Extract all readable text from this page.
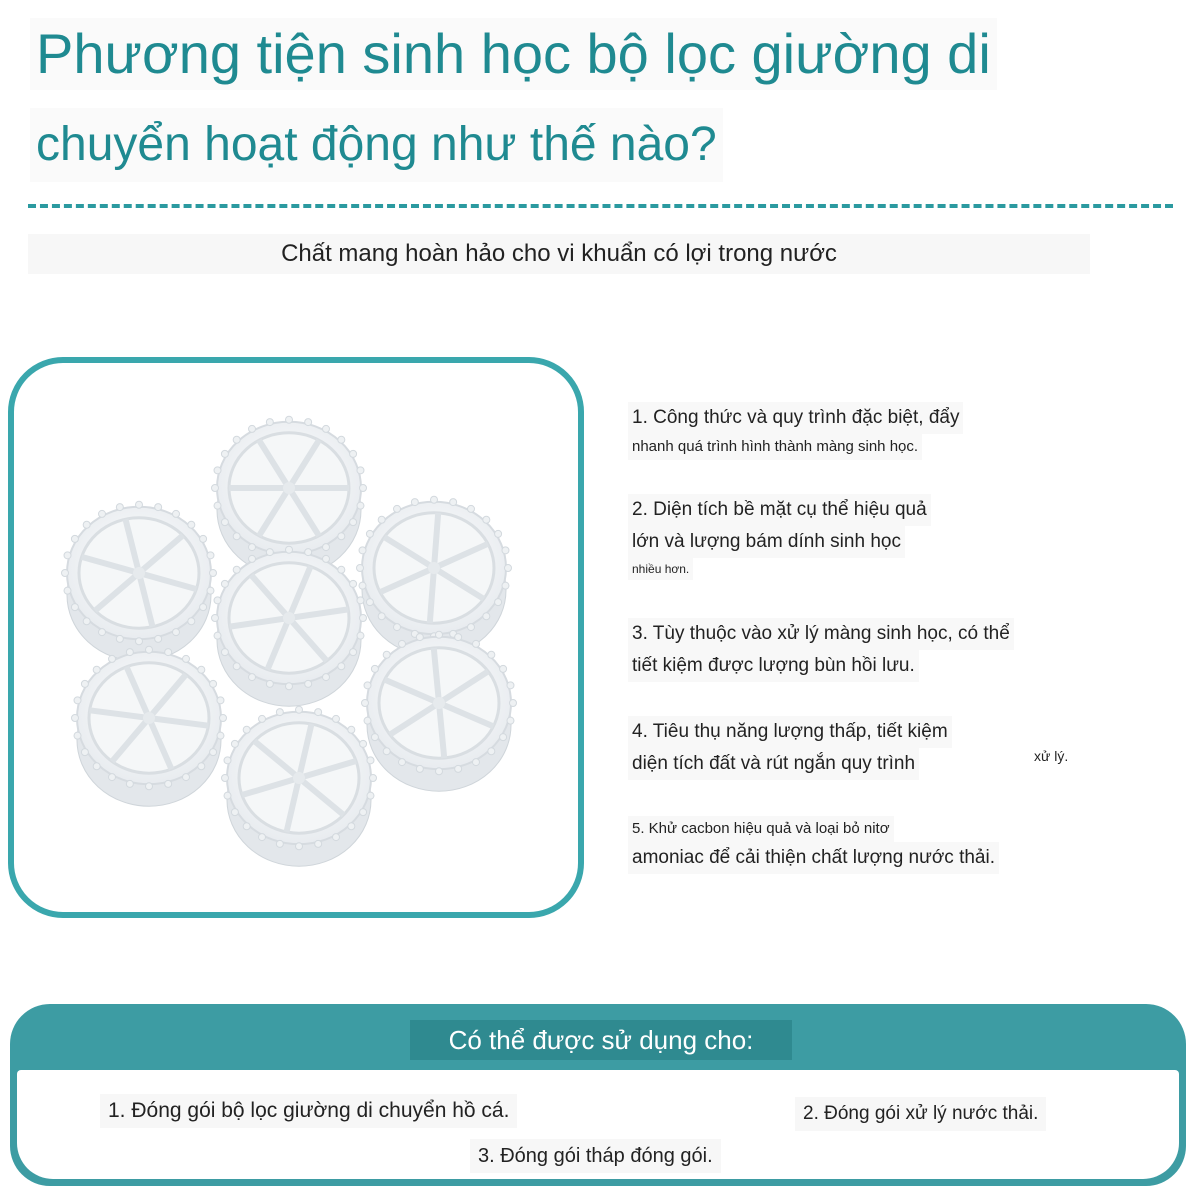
Phương tiện sinh học bộ lọc giường di
chuyển hoạt động như thế nào?
Chất mang hoàn hảo cho vi khuẩn có lợi trong nước
1. Công thức và quy trình đặc biệt, đẩy
nhanh quá trình hình thành màng sinh học.
2. Diện tích bề mặt cụ thể hiệu quả
lớn và lượng bám dính sinh học
nhiều hơn.
3. Tùy thuộc vào xử lý màng sinh học, có thể
tiết kiệm được lượng bùn hồi lưu.
4. Tiêu thụ năng lượng thấp, tiết kiệm
diện tích đất và rút ngắn quy trình	xử lý.
5. Khử cacbon hiệu quả và loại bỏ nitơ
amoniac để cải thiện chất lượng nước thải.
Có thể được sử dụng cho:
1. Đóng gói bộ lọc giường di chuyển hồ cá.	2. Đóng gói xử lý nước thải.
3. Đóng gói tháp đóng gói.
